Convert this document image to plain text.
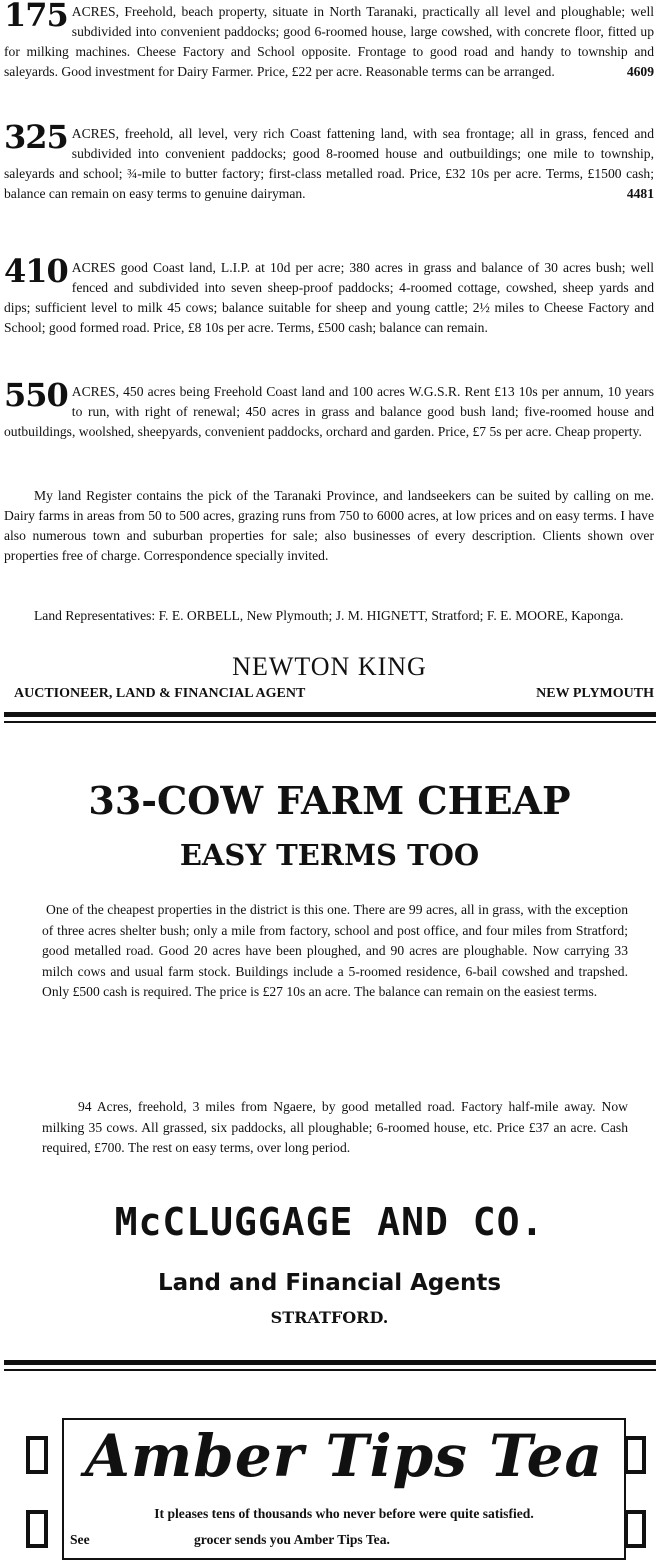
175 ACRES, Freehold, beach property, situate in North Taranaki, practically all level and ploughable; well subdivided into convenient paddocks; good 6-roomed house, large cowshed, with concrete floor, fitted up for milking machines. Cheese Factory and School opposite. Frontage to good road and handy to township and saleyards. Good investment for Dairy Farmer. Price, £22 per acre. Reasonable terms can be arranged.	4609
325 ACRES, freehold, all level, very rich Coast fattening land, with sea frontage; all in grass, fenced and subdivided into convenient paddocks; good 8-roomed house and outbuildings; one mile to township, saleyards and school; ¾-mile to butter factory; first-class metalled road. Price, £32 10s per acre. Terms, £1500 cash; balance can remain on easy terms to genuine dairyman.	4481
410 ACRES good Coast land, L.I.P. at 10d per acre; 380 acres in grass and balance of 30 acres bush; well fenced and subdivided into seven sheep-proof paddocks; 4-roomed cottage, cowshed, sheep yards and dips; sufficient level to milk 45 cows; balance suitable for sheep and young cattle; 2½ miles to Cheese Factory and School; good formed road. Price, £8 10s per acre. Terms, £500 cash; balance can remain.
550 ACRES, 450 acres being Freehold Coast land and 100 acres W.G.S.R. Rent £13 10s per annum, 10 years to run, with right of renewal; 450 acres in grass and balance good bush land; five-roomed house and outbuildings, woolshed, sheepyards, convenient paddocks, orchard and garden. Price, £7 5s per acre. Cheap property.
My land Register contains the pick of the Taranaki Province, and landseekers can be suited by calling on me. Dairy farms in areas from 50 to 500 acres, grazing runs from 750 to 6000 acres, at low prices and on easy terms. I have also numerous town and suburban properties for sale; also businesses of every description. Clients shown over properties free of charge. Correspondence specially invited.
Land Representatives: F. E. ORBELL, New Plymouth; J. M. HIGNETT, Stratford; F. E. MOORE, Kaponga.
NEWTON KING
AUCTIONEER, LAND & FINANCIAL AGENT	NEW PLYMOUTH
33-COW FARM CHEAP
EASY TERMS TOO
One of the cheapest properties in the district is this one. There are 99 acres, all in grass, with the exception of three acres shelter bush; only a mile from factory, school and post office, and four miles from Stratford; good metalled road. Good 20 acres have been ploughed, and 90 acres are ploughable. Now carrying 33 milch cows and usual farm stock. Buildings include a 5-roomed residence, 6-bail cowshed and trapshed. Only £500 cash is required. The price is £27 10s an acre. The balance can remain on the easiest terms.
94 Acres, freehold, 3 miles from Ngaere, by good metalled road. Factory half-mile away. Now milking 35 cows. All grassed, six paddocks, all ploughable; 6-roomed house, etc. Price £37 an acre. Cash required, £700. The rest on easy terms, over long period.
McCLUGGAGE AND CO.
Land and Financial Agents
STRATFORD.
Amber Tips Tea
It pleases tens of thousands who never before were quite satisfied.
See	grocer sends you Amber Tips Tea.
